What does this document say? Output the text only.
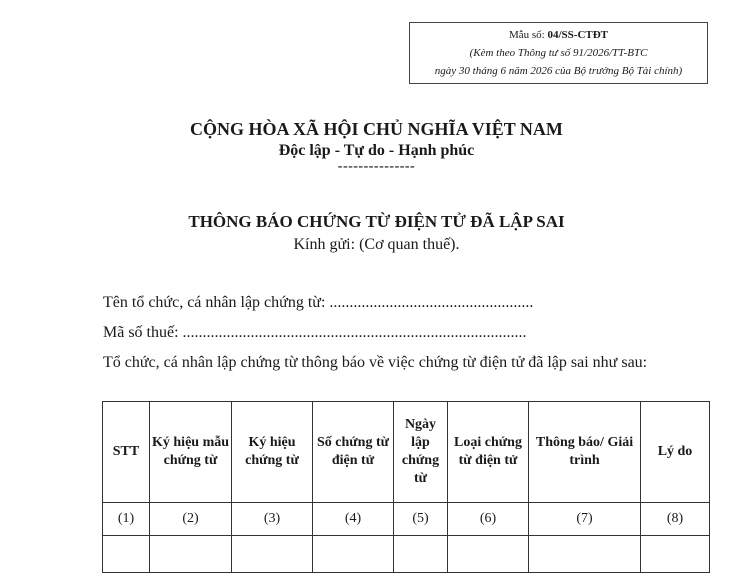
Mẫu số: 04/SS-CTĐT
(Kèm theo Thông tư số 91/2026/TT-BTC
ngày 30 tháng 6 năm 2026 của Bộ trưởng Bộ Tài chính)
CỘNG HÒA XÃ HỘI CHỦ NGHĨA VIỆT NAM
Độc lập - Tự do - Hạnh phúc
---------------
THÔNG BÁO CHỨNG TỪ ĐIỆN TỬ ĐÃ LẬP SAI
Kính gửi: (Cơ quan thuế).
Tên tổ chức, cá nhân lập chứng từ: ...................................................
Mã số thuế: ......................................................................................
Tổ chức, cá nhân lập chứng từ thông báo về việc chứng từ điện tử đã lập sai như sau:
STT	Ký hiệu mẫu chứng từ	Ký hiệu chứng từ	Số chứng từ điện tử	Ngày lập chứng từ	Loại chứng từ điện tử	Thông báo/ Giải trình	Lý do
(1)	(2)	(3)	(4)	(5)	(6)	(7)	(8)
